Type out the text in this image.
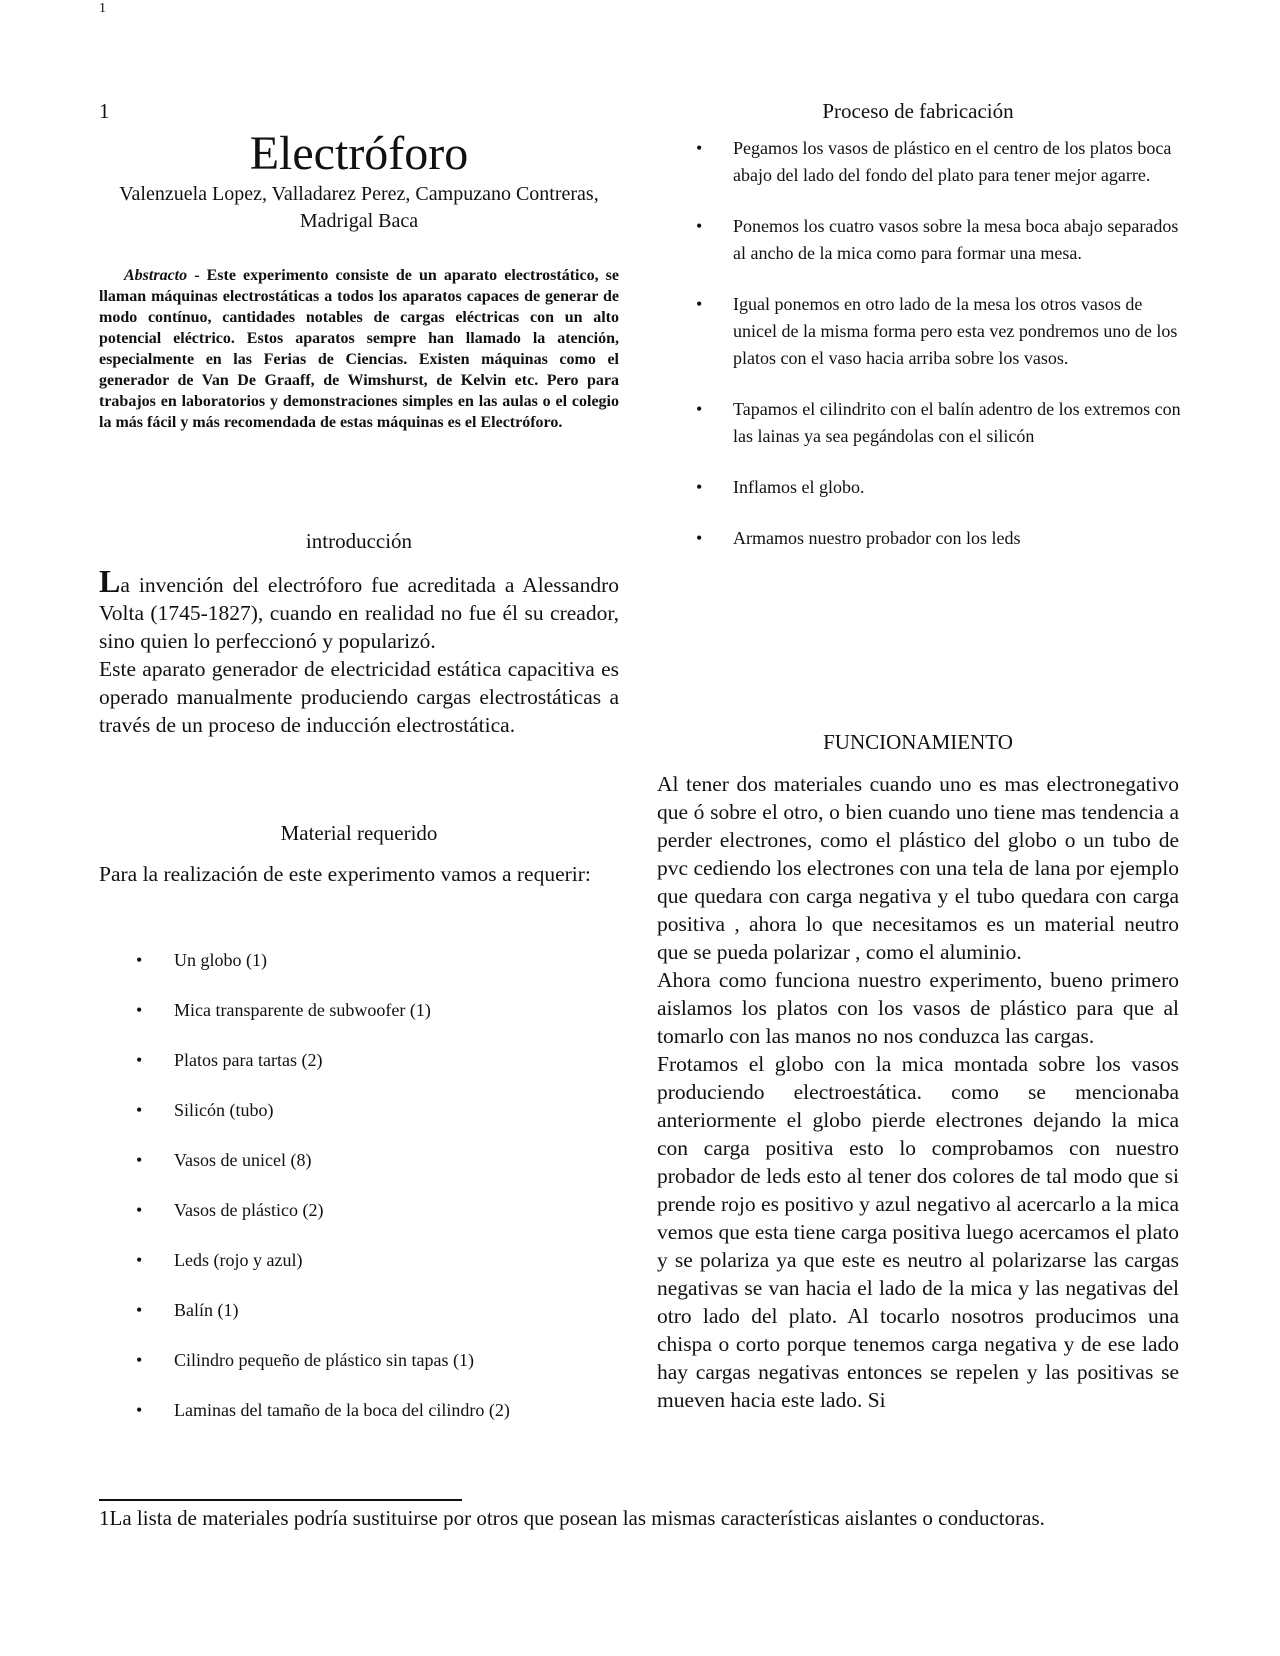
1
1
Electróforo
Valenzuela Lopez, Valladarez Perez, Campuzano Contreras, Madrigal Baca
Abstracto - Este experimento consiste de un aparato electrostático, se llaman máquinas electrostáticas a todos los aparatos capaces de generar de modo contínuo, cantidades notables de cargas eléctricas con un alto potencial eléctrico. Estos aparatos sempre han llamado la atención, especialmente en las Ferias de Ciencias. Existen máquinas como el generador de Van De Graaff, de Wimshurst, de Kelvin etc. Pero para trabajos en laboratorios y demonstraciones simples en las aulas o el colegio la más fácil y más recomendada de estas máquinas es el Electróforo.
introducción

La invención del electróforo fue acreditada a Alessandro Volta (1745-1827), cuando en realidad no fue él su creador, sino quien lo perfeccionó y popularizó.

Este aparato generador de electricidad estática capacitiva es operado manualmente produciendo cargas electrostáticas a través de un proceso de inducción electrostática.

Material requerido
Para la realización de este experimento vamos a requerir:
• Un globo (1)
• Mica transparente de subwoofer (1)
• Platos para tartas (2)
• Silicón (tubo)
• Vasos de unicel (8)
• Vasos de plástico (2)
• Leds (rojo y azul)
• Balín (1)
• Cilindro pequeño de plástico sin tapas (1)
• Laminas del tamaño de la boca del cilindro (2)
Proceso de fabricación
• Pegamos los vasos de plástico en el centro de los platos boca abajo del lado del fondo del plato para tener mejor agarre.
• Ponemos los cuatro vasos sobre la mesa boca abajo separados al ancho de la mica como para formar una mesa.
• Igual ponemos en otro lado de la mesa los otros vasos de unicel de la misma forma pero esta vez pondremos uno de los platos con el vaso hacia arriba sobre los vasos.
• Tapamos el cilindrito con el balín adentro de los extremos con las lainas ya sea pegándolas con el silicón
• Inflamos el globo.
• Armamos nuestro probador con los leds
FUNCIONAMIENTO

Al tener dos materiales cuando uno es mas electronegativo que ó sobre el otro, o bien cuando uno tiene mas tendencia a perder electrones, como el plástico del globo o un tubo de pvc cediendo los electrones con una tela de lana por ejemplo que quedara con carga negativa y el tubo quedara con carga positiva , ahora lo que necesitamos es un material neutro que se pueda polarizar , como el aluminio.

Ahora como funciona nuestro experimento, bueno primero aislamos los platos con los vasos de plástico para que al tomarlo con las manos no nos conduzca las cargas.

Frotamos el globo con la mica montada sobre los vasos produciendo electroestática. como se mencionaba anteriormente el globo pierde electrones dejando la mica con carga positiva esto lo comprobamos con nuestro probador de leds esto al tener dos colores de tal modo que si prende rojo es positivo y azul negativo al acercarlo a la mica vemos que esta tiene carga positiva luego acercamos el plato y se polariza ya que este es neutro al polarizarse las cargas negativas se van hacia el lado de la mica y las negativas del otro lado del plato. Al tocarlo nosotros producimos una chispa o corto porque tenemos carga negativa y de ese lado hay cargas negativas entonces se repelen y las positivas se mueven hacia este lado. Si

1La lista de materiales podría sustituirse por otros que posean las mismas características aislantes o conductoras.
